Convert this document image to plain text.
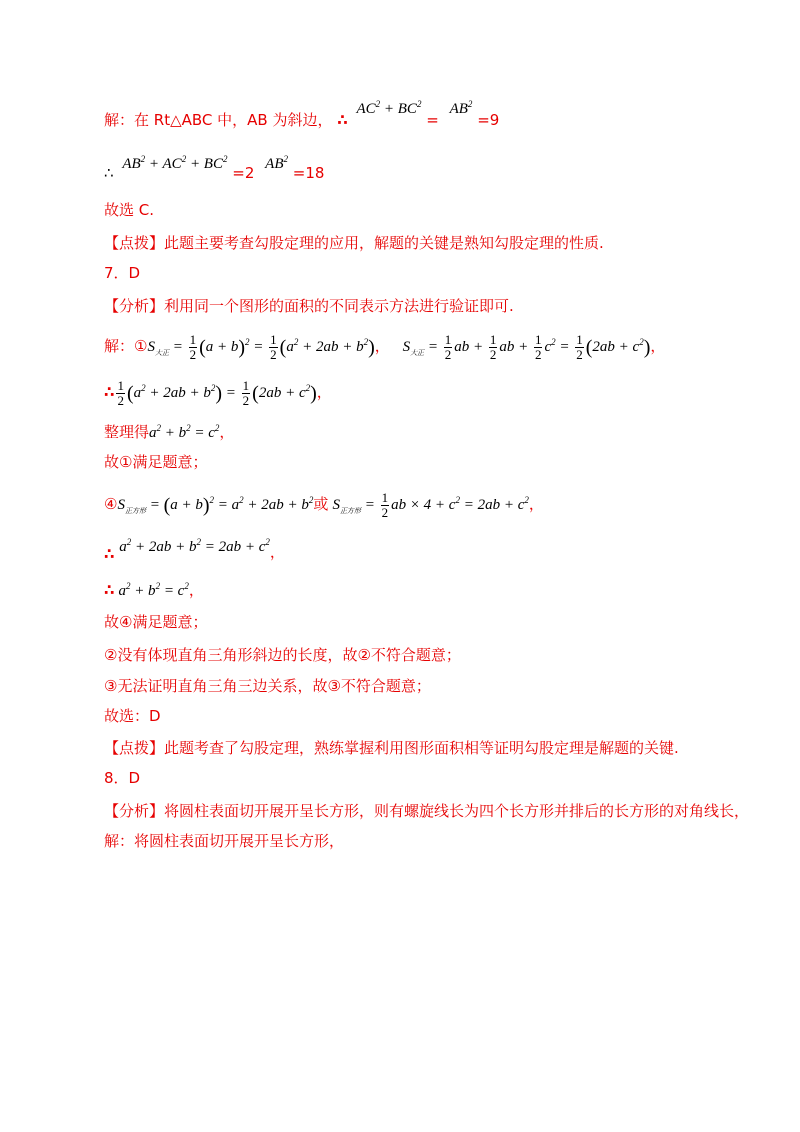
解：在 Rt△ABC 中，AB 为斜边， ∴ $AC^2 + BC^2 = AB^2 =9$
∴ $AB^2 + AC^2 + BC^2 =2$ $AB^2 =18$
故选 C.
【点拨】此题主要考查勾股定理的应用，解题的关键是熟知勾股定理的性质.
7．D
【分析】利用同一个图形的面积的不同表示方法进行验证即可.
解：$①S_{大正} = \frac{1}{2} (a + b)^2 = \frac{1}{2} (a^2 + 2ab + b^2)$， $S_{大正} = \frac{1}{2}$ ab + $\frac{1}{2}$ ab + $\frac{1}{2} c^2 = \frac{1}{2} (2ab + c^2)$，
∴ $\frac{1}{2} (a^2 + 2ab + b^2) = \frac{1}{2} (2ab + c^2)$，
整理得$a^2 + b^2 = c^2$，
故①满足题意；
$④S_{正方形} = (a + b)^2 = a^2 + 2ab + b^2$或 $S_{正方形} = \frac{1}{2}$ ab × $4 + c^2 = 2ab + c^2$，
∴ $a^2 + 2ab + b^2 = 2ab + c^2$，
∴ $a^2 + b^2 = c^2$，
故④满足题意；
②没有体现直角三角形斜边的长度，故②不符合题意；
③无法证明直角三角三边关系，故③不符合题意；
故选：D
【点拨】此题考查了勾股定理，熟练掌握利用图形面积相等证明勾股定理是解题的关键.
8．D
【分析】将圆柱表面切开展开呈长方形，则有螺旋线长为四个长方形并排后的长方形的对角线长，
解：将圆柱表面切开展开呈长方形，
